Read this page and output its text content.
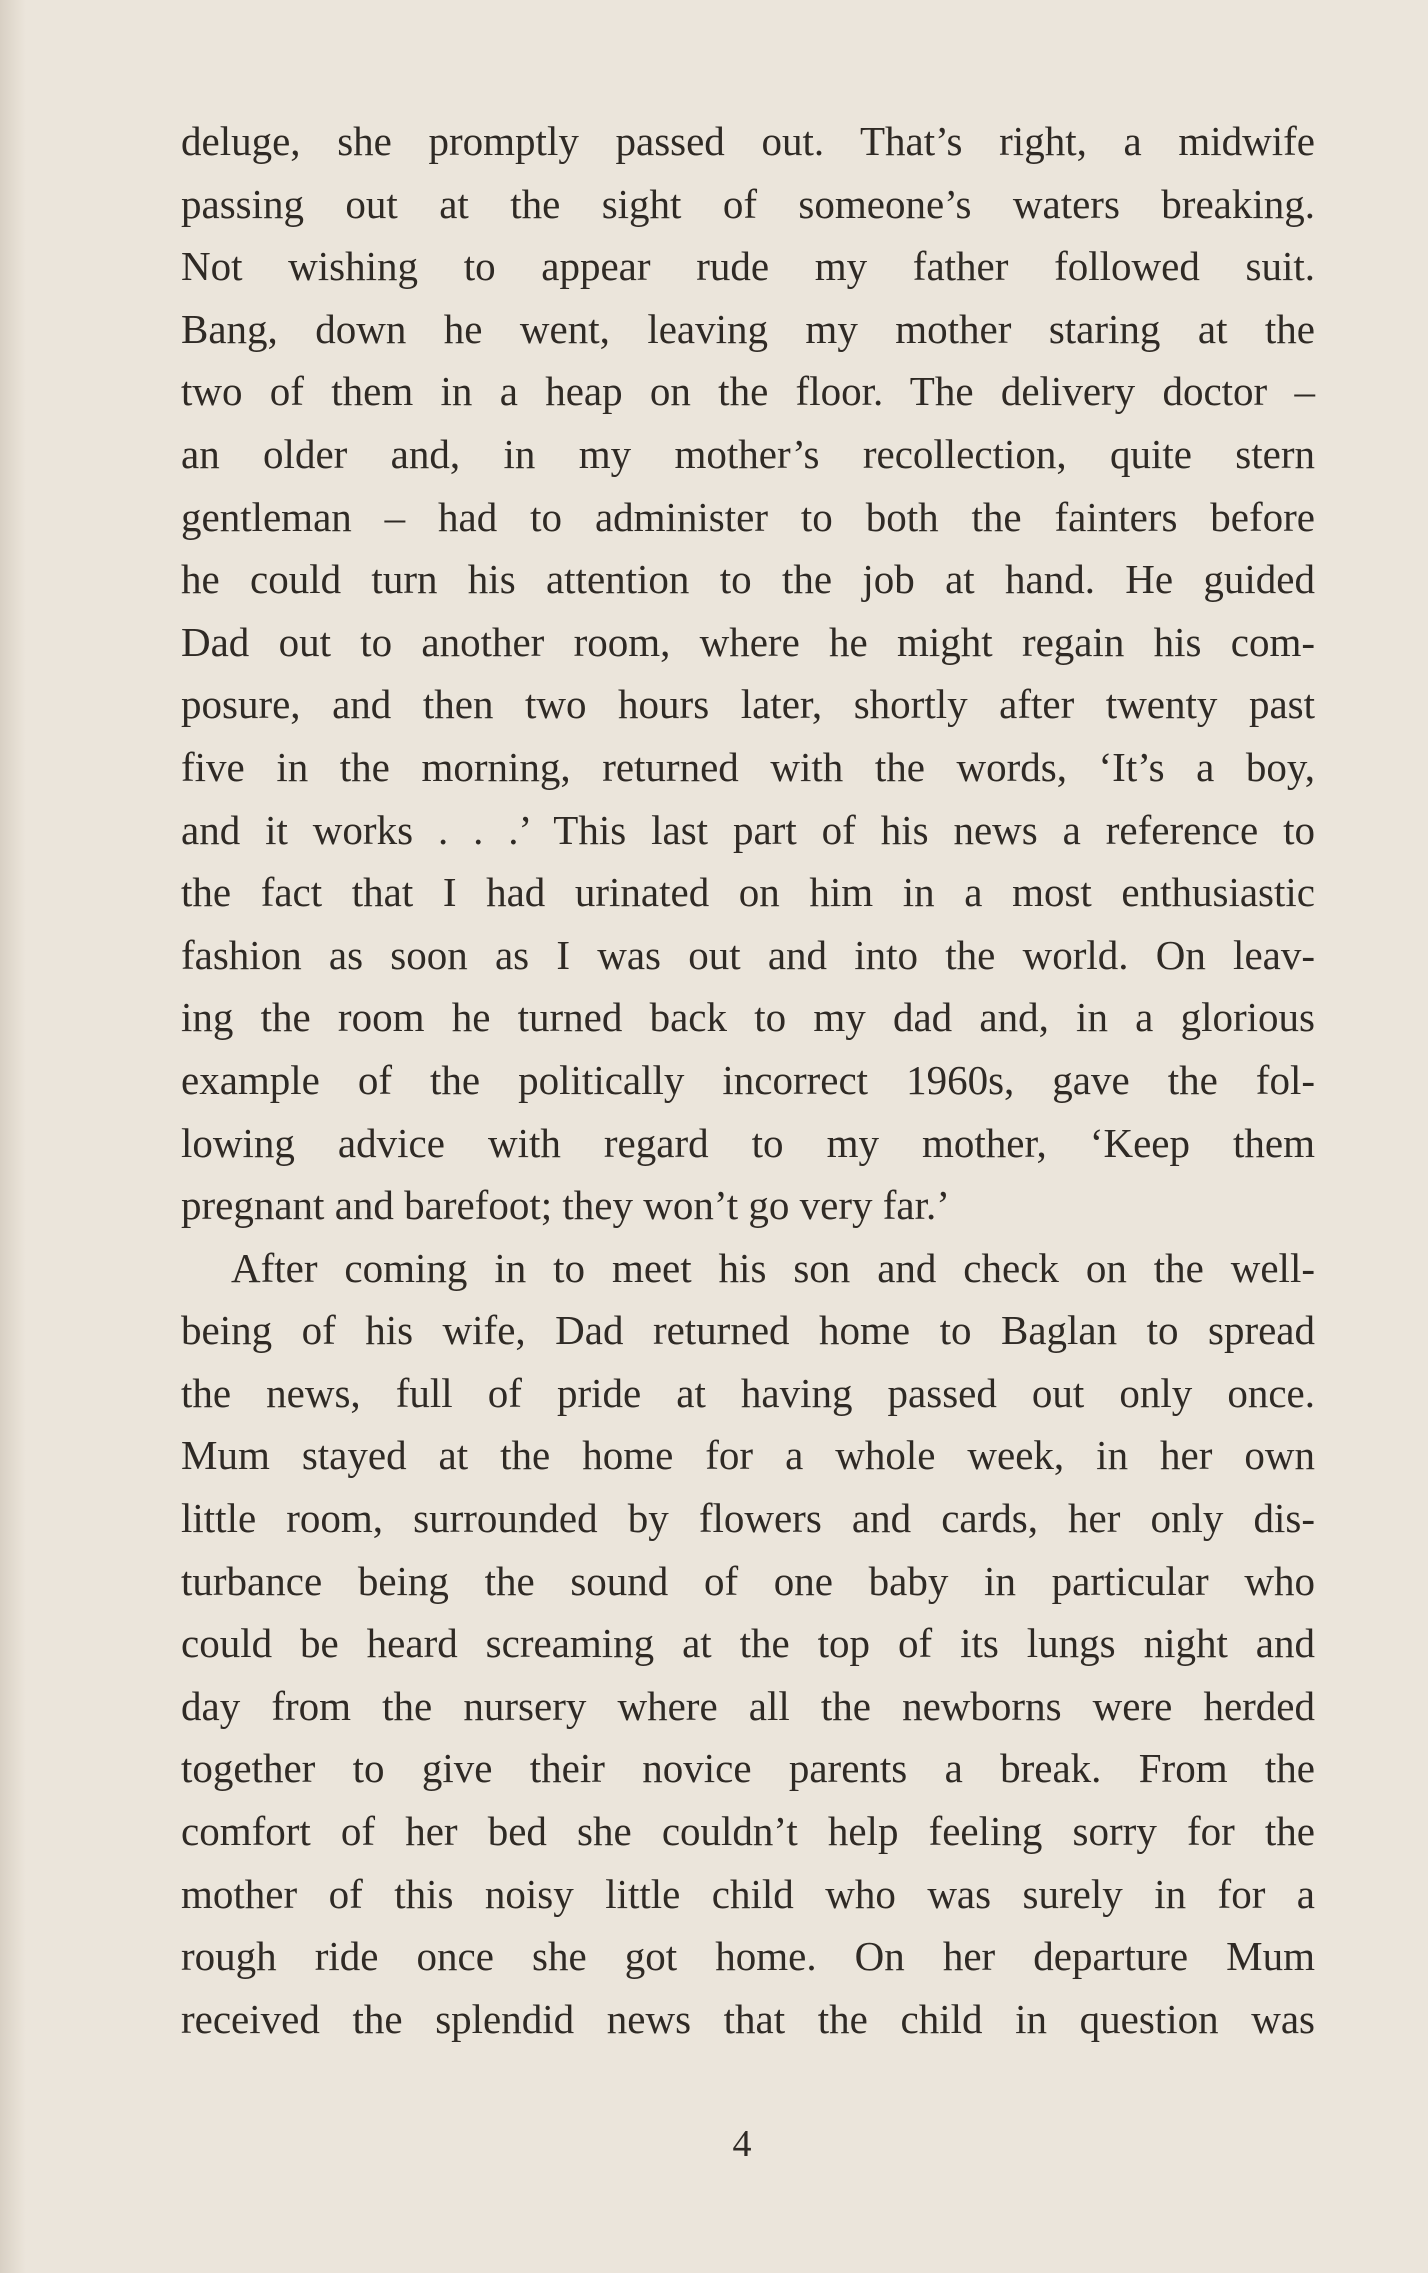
deluge, she promptly passed out. That’s right, a midwife
passing out at the sight of someone’s waters breaking.
Not wishing to appear rude my father followed suit.
Bang, down he went, leaving my mother staring at the
two of them in a heap on the floor. The delivery doctor –
an older and, in my mother’s recollection, quite stern
gentleman – had to administer to both the fainters before
he could turn his attention to the job at hand. He guided
Dad out to another room, where he might regain his com-
posure, and then two hours later, shortly after twenty past
five in the morning, returned with the words, ‘It’s a boy,
and it works . . .’ This last part of his news a reference to
the fact that I had urinated on him in a most enthusiastic
fashion as soon as I was out and into the world. On leav-
ing the room he turned back to my dad and, in a glorious
example of the politically incorrect 1960s, gave the fol-
lowing advice with regard to my mother, ‘Keep them
pregnant and barefoot; they won’t go very far.’
After coming in to meet his son and check on the well-
being of his wife, Dad returned home to Baglan to spread
the news, full of pride at having passed out only once.
Mum stayed at the home for a whole week, in her own
little room, surrounded by flowers and cards, her only dis-
turbance being the sound of one baby in particular who
could be heard screaming at the top of its lungs night and
day from the nursery where all the newborns were herded
together to give their novice parents a break. From the
comfort of her bed she couldn’t help feeling sorry for the
mother of this noisy little child who was surely in for a
rough ride once she got home. On her departure Mum
received the splendid news that the child in question was
4
